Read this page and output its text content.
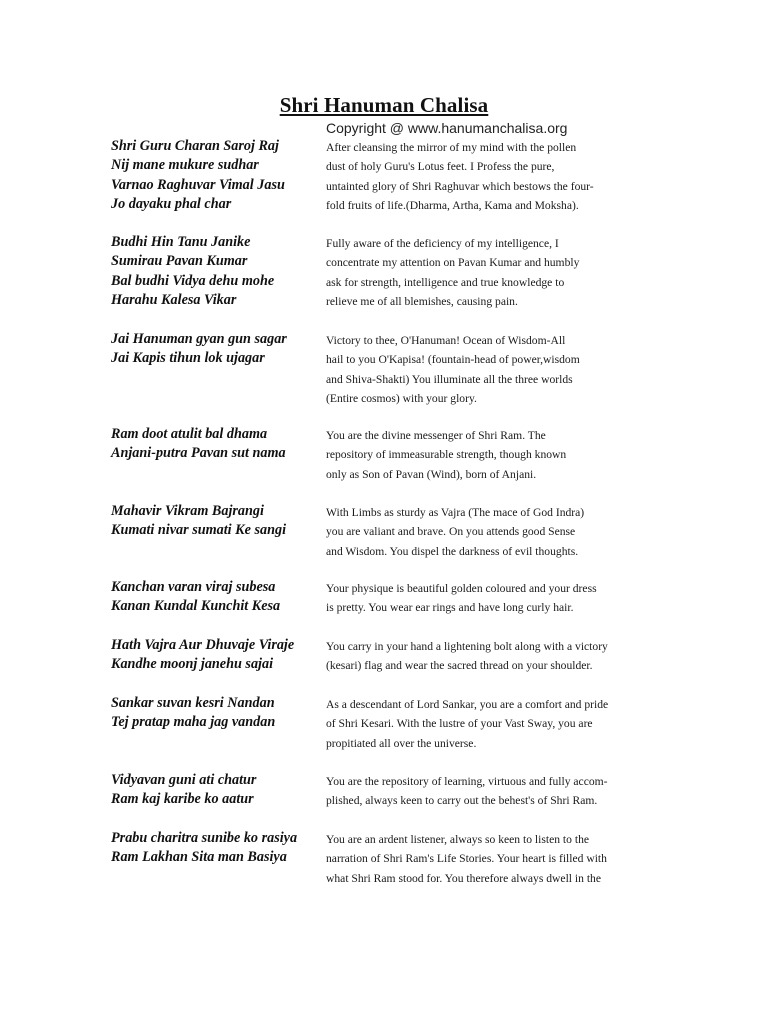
Shri Hanuman Chalisa
Copyright @ www.hanumanchalisa.org
Shri Guru Charan Saroj Raj
Nij mane mukure sudhar
Varnao Raghuvar Vimal Jasu
Jo dayaku phal char
After cleansing the mirror of my mind with the pollen
dust of holy Guru's Lotus feet. I Profess the pure,
untainted glory of Shri Raghuvar which bestows the four-
fold fruits of life.(Dharma, Artha, Kama and Moksha).
Budhi Hin Tanu Janike
Sumirau Pavan Kumar
Bal budhi Vidya dehu mohe
Harahu Kalesa Vikar
Fully aware of the deficiency of my intelligence, I
concentrate my attention on Pavan Kumar and humbly
ask for strength, intelligence and true knowledge to
relieve me of all blemishes, causing pain.
Jai Hanuman gyan gun sagar
Jai Kapis tihun lok ujagar
Victory to thee, O'Hanuman! Ocean of Wisdom-All
hail to you O'Kapisa! (fountain-head of power,wisdom
and Shiva-Shakti) You illuminate all the three worlds
(Entire cosmos) with your glory.
Ram doot atulit bal dhama
Anjani-putra Pavan sut nama
You are the divine messenger of Shri Ram. The
repository of immeasurable strength, though known
only as Son of Pavan (Wind), born of Anjani.
Mahavir Vikram Bajrangi
Kumati nivar sumati Ke sangi
With Limbs as sturdy as Vajra (The mace of God Indra)
you are valiant and brave. On you attends good Sense
and Wisdom. You dispel the darkness of evil thoughts.
Kanchan varan viraj subesa
Kanan Kundal Kunchit Kesa
Your physique is beautiful golden coloured and your dress
is pretty. You wear ear rings and have long curly hair.
Hath Vajra Aur Dhuvaje Viraje
Kandhe moonj janehu sajai
You carry in your hand a lightening bolt along with a victory
(kesari) flag and wear the sacred thread on your shoulder.
Sankar suvan kesri Nandan
Tej pratap maha jag vandan
As a descendant of Lord Sankar, you are a comfort and pride
of Shri Kesari. With the lustre of your Vast Sway, you are
propitiated all over the universe.
Vidyavan guni ati chatur
Ram kaj karibe ko aatur
You are the repository of learning, virtuous and fully accom-
plished, always keen to carry out the behest's of Shri Ram.
Prabu charitra sunibe ko rasiya
Ram Lakhan Sita man Basiya
You are an ardent listener, always so keen to listen to the
narration of Shri Ram's Life Stories. Your heart is filled with
what Shri Ram stood for. You therefore always dwell in the
